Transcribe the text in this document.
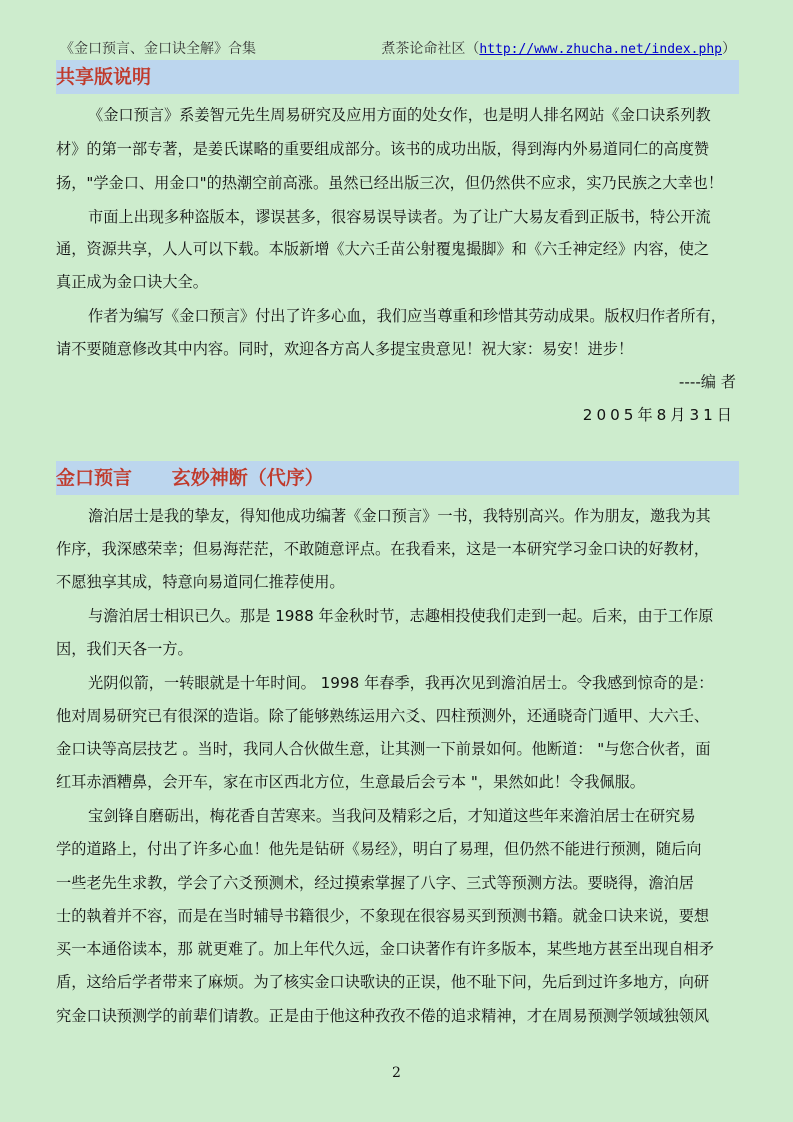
《金口预言、金口诀全解》合集	煮茶论命社区（http://www.zhucha.net/index.php）
共享版说明
《金口预言》系姜智元先生周易研究及应用方面的处女作，也是明人排名网站《金口诀系列教
材》的第一部专著，是姜氏谋略的重要组成部分。该书的成功出版，得到海内外易道同仁的高度赞
扬，"学金口、用金口"的热潮空前高涨。虽然已经出版三次，但仍然供不应求，实乃民族之大幸也！
市面上出现多种盗版本，谬误甚多，很容易误导读者。为了让广大易友看到正版书，特公开流
通，资源共享，人人可以下载。本版新增《大六壬苗公射覆鬼撮脚》和《六壬神定经》内容，使之
真正成为金口诀大全。
作者为编写《金口预言》付出了许多心血，我们应当尊重和珍惜其劳动成果。版权归作者所有，
请不要随意修改其中内容。同时，欢迎各方高人多提宝贵意见！祝大家：易安！进步！
----编 者
2005年8月31日
金口预言      玄妙神断（代序）
澹泊居士是我的挚友，得知他成功编著《金口预言》一书，我特别高兴。作为朋友，邀我为其
作序，我深感荣幸；但易海茫茫，不敢随意评点。在我看来，这是一本研究学习金口诀的好教材，
不愿独享其成，特意向易道同仁推荐使用。
与澹泊居士相识已久。那是 1988 年金秋时节，志趣相投使我们走到一起。后来，由于工作原
因，我们天各一方。
光阴似箭，一转眼就是十年时间。 1998 年春季，我再次见到澹泊居士。令我感到惊奇的是：
他对周易研究已有很深的造诣。除了能够熟练运用六爻、四柱预测外，还通晓奇门遁甲、大六壬、
金口诀等高层技艺 。当时，我同人合伙做生意，让其测一下前景如何。他断道： "与您合伙者，面
红耳赤酒糟鼻，会开车，家在市区西北方位，生意最后会亏本 "，果然如此！令我佩服。
宝剑锋自磨砺出，梅花香自苦寒来。当我问及精彩之后，才知道这些年来澹泊居士在研究易
学的道路上，付出了许多心血！他先是钻研《易经》，明白了易理，但仍然不能进行预测，随后向
一些老先生求教，学会了六爻预测术，经过摸索掌握了八字、三式等预测方法。要晓得，澹泊居
士的執着并不容，而是在当时辅导书籍很少，不象现在很容易买到预测书籍。就金口诀来说，要想
买一本通俗读本，那 就更难了。加上年代久远，金口诀著作有许多版本，某些地方甚至出现自相矛
盾，这给后学者带来了麻烦。为了核实金口诀歌诀的正误，他不耻下问，先后到过许多地方，向研
究金口诀预测学的前辈们请教。正是由于他这种孜孜不倦的追求精神，才在周易预测学领域独领风
2
